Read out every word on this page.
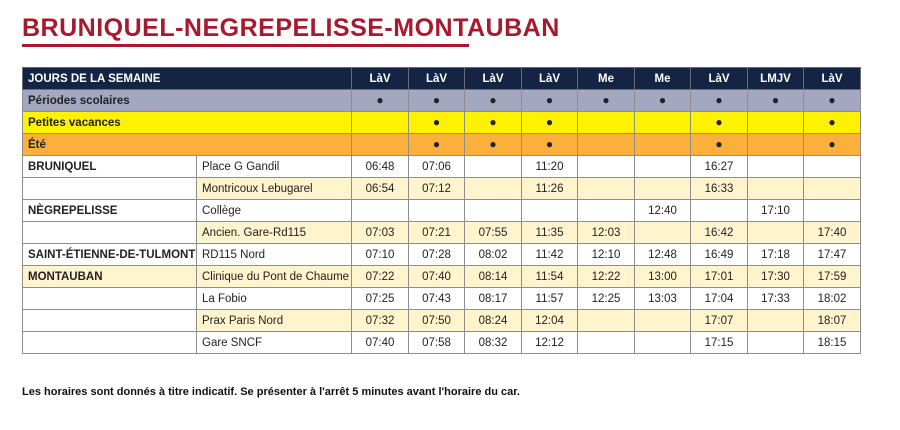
BRUNIQUEL-NEGREPELISSE-MONTAUBAN
JOURS DE LA SEMAINE		LàV	LàV	LàV	LàV	Me	Me	LàV	LMJV	LàV
Périodes scolaires		●	●	●	●	●	●	●	●	●
Petites vacances			●	●	●			●		●
Été			●	●	●			●		●
BRUNIQUEL	Place G Gandil	06:48	07:06		11:20			16:27		
	Montricoux Lebugarel	06:54	07:12		11:26			16:33		
NÈGREPELISSE	Collège						12:40		17:10	
	Ancien. Gare-Rd115	07:03	07:21	07:55	11:35	12:03		16:42		17:40
SAINT-ÉTIENNE-DE-TULMONT	RD115 Nord	07:10	07:28	08:02	11:42	12:10	12:48	16:49	17:18	17:47
MONTAUBAN	Clinique du Pont de Chaume	07:22	07:40	08:14	11:54	12:22	13:00	17:01	17:30	17:59
	La Fobio	07:25	07:43	08:17	11:57	12:25	13:03	17:04	17:33	18:02
	Prax Paris Nord	07:32	07:50	08:24	12:04			17:07		18:07
	Gare SNCF	07:40	07:58	08:32	12:12			17:15		18:15

Les horaires sont donnés à titre indicatif. Se présenter à l'arrêt 5 minutes avant l'horaire du car.
